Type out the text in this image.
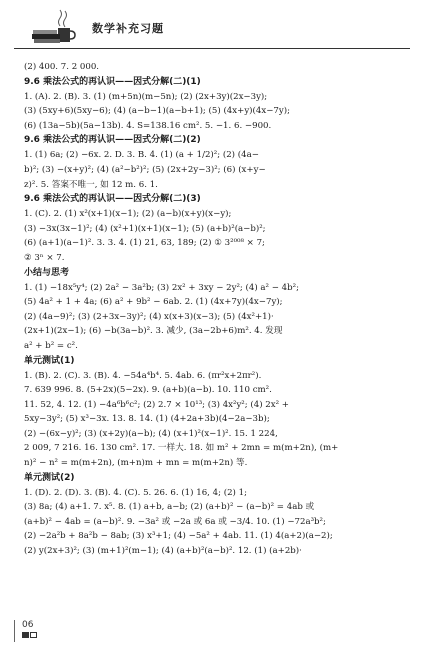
数学补充习题
(2) 400. 7. 2 000.
9.6 乘法公式的再认识——因式分解(二)(1)
1. (A). 2. (B). 3. (1) (m+5n)(m−5n); (2) (2x+3y)(2x−3y);
(3) (5xy+6)(5xy−6); (4) (a−b−1)(a−b+1); (5) (4x+y)(4x−7y);
(6) (13a−5b)(5a−13b). 4. S=138.16 cm². 5. −1. 6. −900.
9.6 乘法公式的再认识——因式分解(二)(2)
1. (1) 6a; (2) −6x. 2. D. 3. B. 4. (1) (a + 1/2)²; (2) (4a−
b)²; (3) −(x+y)²; (4) (a²−b²)²; (5) (2x+2y−3)²; (6) (x+y−
z)². 5. 答案不唯一, 如 12 m. 6. 1.
9.6 乘法公式的再认识——因式分解(二)(3)
1. (C). 2. (1) x²(x+1)(x−1); (2) (a−b)(x+y)(x−y);
(3) −3x(3x−1)²; (4) (x²+1)(x+1)(x−1); (5) (a+b)²(a−b)²;
(6) (a+1)(a−1)². 3. 3. 4. (1) 21, 63, 189; (2) ① 3²⁰⁰⁸ × 7;
② 3ⁿ × 7.
小结与思考
1. (1) −18x⁵y⁴; (2) 2a² − 3a²b; (3) 2x² + 3xy − 2y²; (4) a² − 4b²;
(5) 4a² + 1 + 4a; (6) a² + 9b² − 6ab. 2. (1) (4x+7y)(4x−7y);
(2) (4a−9)²; (3) (2+3x−3y)²; (4) x(x+3)(x−3); (5) (4x²+1)·
(2x+1)(2x−1); (6) −b(3a−b)². 3. 减少, (3a−2b+6)m². 4. 发现
a² + b² = c².
单元测试(1)
1. (B). 2. (C). 3. (B). 4. −54a⁴b⁴. 5. 4ab. 6. (πr²x+2πr²).
7. 639 996. 8. (5+2x)(5−2x). 9. (a+b)(a−b). 10. 110 cm².
11. 52, 4. 12. (1) −4a⁶b⁶c²; (2) 2.7 × 10¹³; (3) 4x²y²; (4) 2x² +
5xy−3y²; (5) x³−3x. 13. 8. 14. (1) (4+2a+3b)(4−2a−3b);
(2) −(6x−y)²; (3) (x+2y)(a−b); (4) (x+1)²(x−1)². 15. 1 224,
2 009, 7 216. 16. 130 cm². 17. 一样大. 18. 如 m² + 2mn = m(m+2n), (m+
n)² − n² = m(m+2n), (m+n)m + mn = m(m+2n) 等.
单元测试(2)
1. (D). 2. (D). 3. (B). 4. (C). 5. 26. 6. (1) 16, 4; (2) 1;
(3) 8a; (4) a+1. 7. x⁵. 8. (1) a+b, a−b; (2) (a+b)² − (a−b)² = 4ab 或
(a+b)² − 4ab = (a−b)². 9. −3a² 或 −2a 或 6a 或 −3/4. 10. (1) −72a³b²;
(2) −2a²b + 8a²b − 8ab; (3) x³+1; (4) −5a² + 4ab. 11. (1) 4(a+2)(a−2);
(2) y(2x+3)²; (3) (m+1)²(m−1); (4) (a+b)²(a−b)². 12. (1) (a+2b)·
06
